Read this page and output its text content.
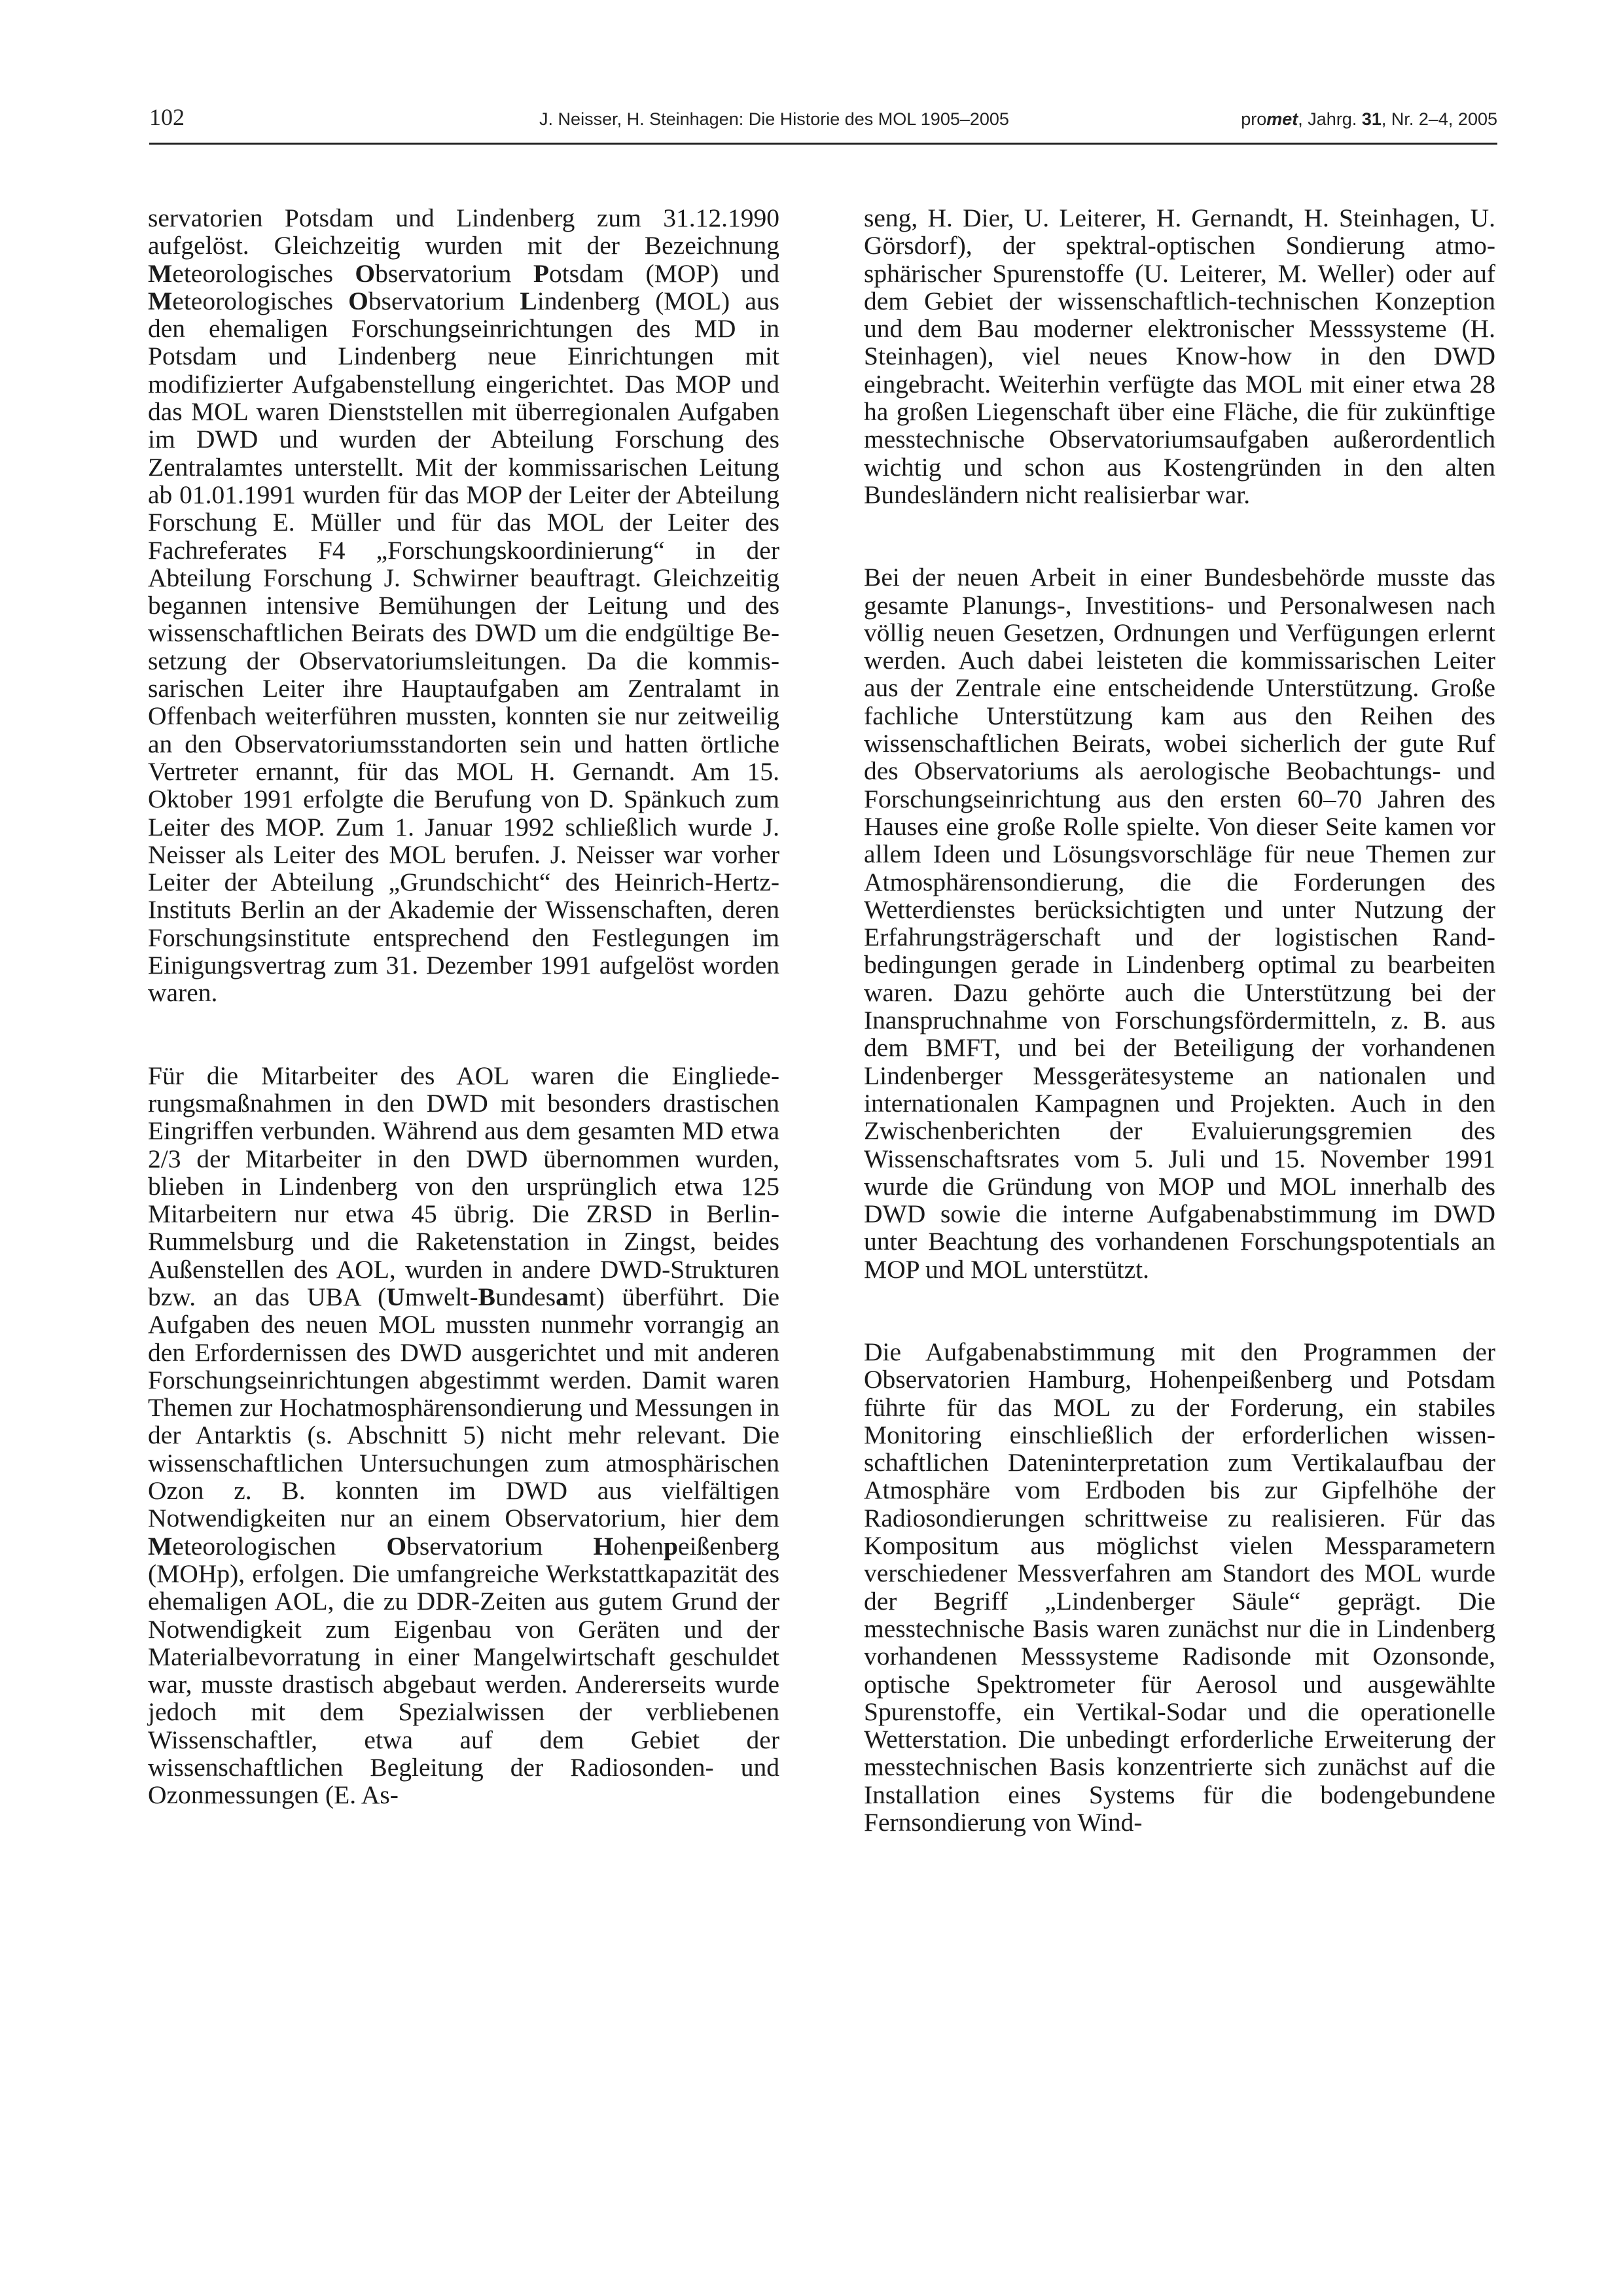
102	J. Neisser, H. Steinhagen: Die Historie des MOL 1905–2005	promet, Jahrg. 31, Nr. 2–4, 2005

servatorien Potsdam und Lindenberg zum 31.12.1990 aufgelöst. Gleichzeitig wurden mit der Bezeichnung Meteorologisches Observatorium Potsdam (MOP) und Meteorologisches Observatorium Lindenberg (MOL) aus den ehemaligen Forschungseinrichtungen des MD in Potsdam und Lindenberg neue Einrichtungen mit modifizierter Aufgabenstellung eingerichtet. Das MOP und das MOL waren Dienststellen mit überregionalen Aufgaben im DWD und wurden der Abteilung Forschung des Zentralamtes unterstellt. Mit der kommissarischen Leitung ab 01.01.1991 wurden für das MOP der Leiter der Abteilung Forschung E. Müller und für das MOL der Leiter des Fachreferates F4 „Forschungskoordinierung“ in der Abteilung Forschung J. Schwirner beauftragt. Gleichzeitig begannen intensive Bemühungen der Leitung und des wissenschaftlichen Beirats des DWD um die endgültige Besetzung der Observatoriumsleitungen. Da die kommissarischen Leiter ihre Hauptaufgaben am Zentralamt in Offenbach weiterführen mussten, konnten sie nur zeitweilig an den Observatoriumsstandorten sein und hatten örtliche Vertreter ernannt, für das MOL H. Gernandt. Am 15. Oktober 1991 erfolgte die Berufung von D. Spänkuch zum Leiter des MOP. Zum 1. Januar 1992 schließlich wurde J. Neisser als Leiter des MOL berufen. J. Neisser war vorher Leiter der Abteilung „Grundschicht“ des Heinrich-Hertz-Instituts Berlin an der Akademie der Wissenschaften, deren Forschungsinstitute entsprechend den Festlegungen im Einigungsvertrag zum 31. Dezember 1991 aufgelöst worden waren.

Für die Mitarbeiter des AOL waren die Eingliederungsmaßnahmen in den DWD mit besonders drastischen Eingriffen verbunden. Während aus dem gesamten MD etwa 2/3 der Mitarbeiter in den DWD übernommen wurden, blieben in Lindenberg von den ursprünglich etwa 125 Mitarbeitern nur etwa 45 übrig. Die ZRSD in Berlin-Rummelsburg und die Raketenstation in Zingst, beides Außenstellen des AOL, wurden in andere DWD-Strukturen bzw. an das UBA (Umwelt-Bundesamt) überführt. Die Aufgaben des neuen MOL mussten nunmehr vorrangig an den Erfordernissen des DWD ausgerichtet und mit anderen Forschungseinrichtungen abgestimmt werden. Damit waren Themen zur Hochatmosphärensondierung und Messungen in der Antarktis (s. Abschnitt 5) nicht mehr relevant. Die wissenschaftlichen Untersuchungen zum atmosphärischen Ozon z. B. konnten im DWD aus vielfältigen Notwendigkeiten nur an einem Observatorium, hier dem Meteorologischen Observatorium Hohenpeißenberg (MOHp), erfolgen. Die umfangreiche Werkstattkapazität des ehemaligen AOL, die zu DDR-Zeiten aus gutem Grund der Notwendigkeit zum Eigenbau von Geräten und der Materialbevorratung in einer Mangelwirtschaft geschuldet war, musste drastisch abgebaut werden. Andererseits wurde jedoch mit dem Spezialwissen der verbliebenen Wissenschaftler, etwa auf dem Gebiet der wissenschaftlichen Begleitung der Radiosonden- und Ozonmessungen (E. As-

seng, H. Dier, U. Leiterer, H. Gernandt, H. Steinhagen, U. Görsdorf), der spektral-optischen Sondierung atmosphärischer Spurenstoffe (U. Leiterer, M. Weller) oder auf dem Gebiet der wissenschaftlich-technischen Konzeption und dem Bau moderner elektronischer Messsysteme (H. Steinhagen), viel neues Know-how in den DWD eingebracht. Weiterhin verfügte das MOL mit einer etwa 28 ha großen Liegenschaft über eine Fläche, die für zukünftige messtechnische Observatoriumsaufgaben außerordentlich wichtig und schon aus Kostengründen in den alten Bundesländern nicht realisierbar war.

Bei der neuen Arbeit in einer Bundesbehörde musste das gesamte Planungs-, Investitions- und Personalwesen nach völlig neuen Gesetzen, Ordnungen und Verfügungen erlernt werden. Auch dabei leisteten die kommissarischen Leiter aus der Zentrale eine entscheidende Unterstützung. Große fachliche Unterstützung kam aus den Reihen des wissenschaftlichen Beirats, wobei sicherlich der gute Ruf des Observatoriums als aerologische Beobachtungs- und Forschungseinrichtung aus den ersten 60–70 Jahren des Hauses eine große Rolle spielte. Von dieser Seite kamen vor allem Ideen und Lösungsvorschläge für neue Themen zur Atmosphärensondierung, die die Forderungen des Wetterdienstes berücksichtigten und unter Nutzung der Erfahrungsträgerschaft und der logistischen Randbedingungen gerade in Lindenberg optimal zu bearbeiten waren. Dazu gehörte auch die Unterstützung bei der Inanspruchnahme von Forschungsfördermitteln, z. B. aus dem BMFT, und bei der Beteiligung der vorhandenen Lindenberger Messgerätesysteme an nationalen und internationalen Kampagnen und Projekten. Auch in den Zwischenberichten der Evaluierungsgremien des Wissenschaftsrates vom 5. Juli und 15. November 1991 wurde die Gründung von MOP und MOL innerhalb des DWD sowie die interne Aufgabenabstimmung im DWD unter Beachtung des vorhandenen Forschungspotentials an MOP und MOL unterstützt.

Die Aufgabenabstimmung mit den Programmen der Observatorien Hamburg, Hohenpeißenberg und Potsdam führte für das MOL zu der Forderung, ein stabiles Monitoring einschließlich der erforderlichen wissenschaftlichen Dateninterpretation zum Vertikalaufbau der Atmosphäre vom Erdboden bis zur Gipfelhöhe der Radiosondierungen schrittweise zu realisieren. Für das Kompositum aus möglichst vielen Messparametern verschiedener Messverfahren am Standort des MOL wurde der Begriff „Lindenberger Säule“ geprägt. Die messtechnische Basis waren zunächst nur die in Lindenberg vorhandenen Messsysteme Radisonde mit Ozonsonde, optische Spektrometer für Aerosol und ausgewählte Spurenstoffe, ein Vertikal-Sodar und die operationelle Wetterstation. Die unbedingt erforderliche Erweiterung der messtechnischen Basis konzentrierte sich zunächst auf die Installation eines Systems für die bodengebundene Fernsondierung von Wind-
